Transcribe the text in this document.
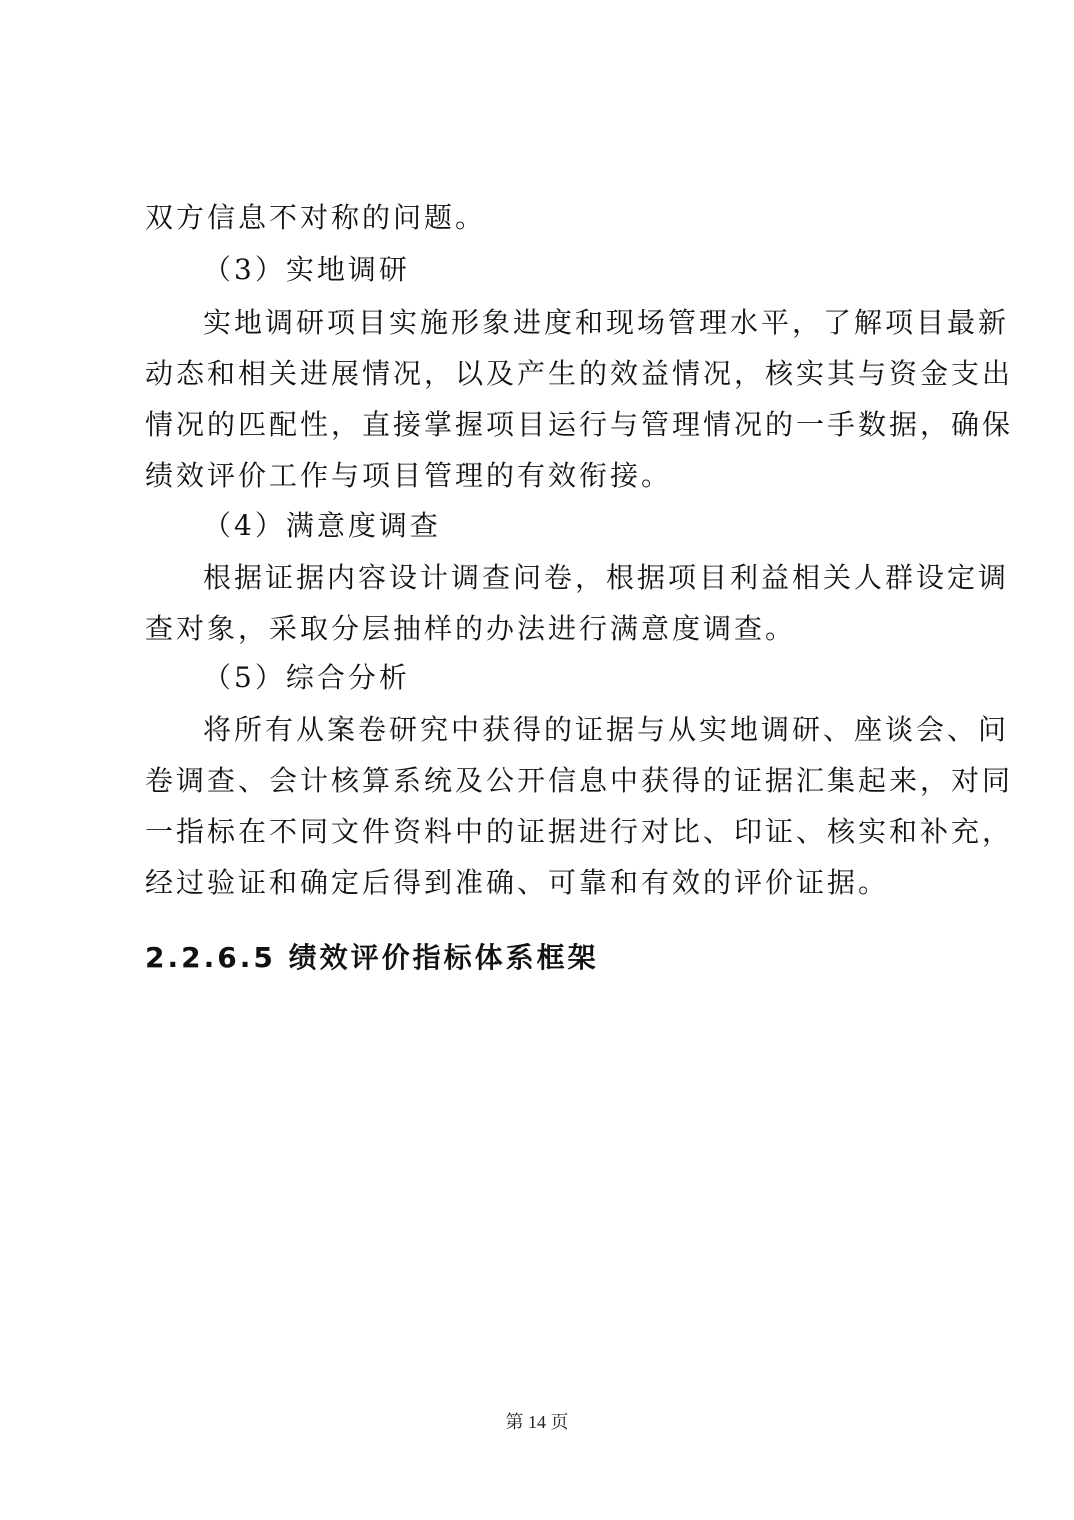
双方信息不对称的问题。
（3）实地调研
实地调研项目实施形象进度和现场管理水平，了解项目最新
动态和相关进展情况，以及产生的效益情况，核实其与资金支出
情况的匹配性，直接掌握项目运行与管理情况的一手数据，确保
绩效评价工作与项目管理的有效衔接。
（4）满意度调查
根据证据内容设计调查问卷，根据项目利益相关人群设定调
查对象，采取分层抽样的办法进行满意度调查。
（5）综合分析
将所有从案卷研究中获得的证据与从实地调研、座谈会、问
卷调查、会计核算系统及公开信息中获得的证据汇集起来，对同
一指标在不同文件资料中的证据进行对比、印证、核实和补充，
经过验证和确定后得到准确、可靠和有效的评价证据。
2.2.6.5 绩效评价指标体系框架
第 14 页
